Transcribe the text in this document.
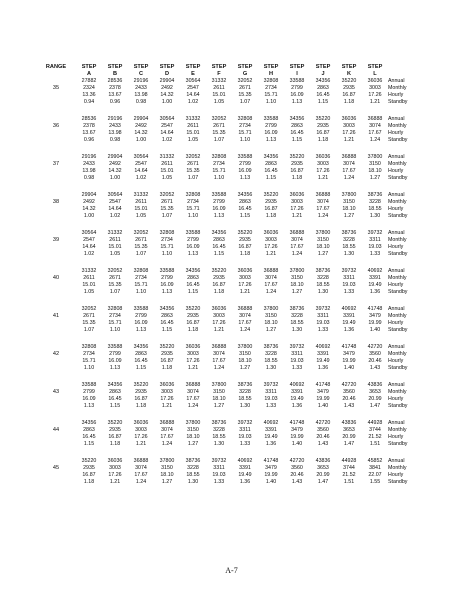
RANGE	STEP	STEP	STEP	STEP	STEP	STEP	STEP	STEP	STEP	STEP	STEP	STEP	
	A	B	C	D	E	F	G	H	I	J	K	L	
	27882	28536	29196	29904	30564	31332	32052	32808	33588	34356	35220	36036	Annual
35	2324	2378	2433	2492	2547	2611	2671	2734	2799	2863	2935	3003	Monthly
	13.36	13.67	13.98	14.32	14.64	15.01	15.35	15.71	16.09	16.45	16.87	17.26	Hourly
	0.94	0.96	0.98	1.00	1.02	1.05	1.07	1.10	1.13	1.15	1.18	1.21	Standby

	28536	29196	29904	30564	31332	32052	32808	33588	34356	35220	36036	36888	Annual
36	2378	2433	2492	2547	2611	2671	2734	2799	2863	2935	3003	3074	Monthly
	13.67	13.98	14.32	14.64	15.01	15.35	15.71	16.09	16.45	16.87	17.26	17.67	Hourly
	0.96	0.98	1.00	1.02	1.05	1.07	1.10	1.13	1.15	1.18	1.21	1.24	Standby

	29196	29904	30564	31332	32052	32808	33588	34356	35220	36036	36888	37800	Annual
37	2433	2492	2547	2611	2671	2734	2799	2863	2935	3003	3074	3150	Monthly
	13.98	14.32	14.64	15.01	15.35	15.71	16.09	16.45	16.87	17.26	17.67	18.10	Hourly
	0.98	1.00	1.02	1.05	1.07	1.10	1.13	1.15	1.18	1.21	1.24	1.27	Standby

	29904	30564	31332	32052	32808	33588	34356	35220	36036	36888	37800	38736	Annual
38	2492	2547	2611	2671	2734	2799	2863	2935	3003	3074	3150	3228	Monthly
	14.32	14.64	15.01	15.35	15.71	16.09	16.45	16.87	17.26	17.67	18.10	18.55	Hourly
	1.00	1.02	1.05	1.07	1.10	1.13	1.15	1.18	1.21	1.24	1.27	1.30	Standby

	30564	31332	32052	32808	33588	34356	35220	36036	36888	37800	38736	39732	Annual
39	2547	2611	2671	2734	2799	2863	2935	3003	3074	3150	3228	3311	Monthly
	14.64	15.01	15.35	15.71	16.09	16.45	16.87	17.26	17.67	18.10	18.55	19.03	Hourly
	1.02	1.05	1.07	1.10	1.13	1.15	1.18	1.21	1.24	1.27	1.30	1.33	Standby

	31332	32052	32808	33588	34356	35220	36036	36888	37800	38736	39732	40692	Annual
40	2611	2671	2734	2799	2863	2935	3003	3074	3150	3228	3311	3391	Monthly
	15.01	15.35	15.71	16.09	16.45	16.87	17.26	17.67	18.10	18.55	19.03	19.49	Hourly
	1.05	1.07	1.10	1.13	1.15	1.18	1.21	1.24	1.27	1.30	1.33	1.36	Standby

	32052	32808	33588	34356	35220	36036	36888	37800	38736	39732	40692	41748	Annual
41	2671	2734	2799	2863	2935	3003	3074	3150	3228	3311	3391	3479	Monthly
	15.35	15.71	16.09	16.45	16.87	17.26	17.67	18.10	18.55	19.03	19.49	19.99	Hourly
	1.07	1.10	1.13	1.15	1.18	1.21	1.24	1.27	1.30	1.33	1.36	1.40	Standby

	32808	33588	34356	35220	36036	36888	37800	38736	39732	40692	41748	42720	Annual
42	2734	2799	2863	2935	3003	3074	3150	3228	3311	3391	3479	3560	Monthly
	15.71	16.09	16.45	16.87	17.26	17.67	18.10	18.55	19.03	19.49	19.99	20.46	Hourly
	1.10	1.13	1.15	1.18	1.21	1.24	1.27	1.30	1.33	1.36	1.40	1.43	Standby

	33588	34356	35220	36036	36888	37800	38736	39732	40692	41748	42720	43836	Annual
43	2799	2863	2935	3003	3074	3150	3228	3311	3391	3479	3560	3653	Monthly
	16.09	16.45	16.87	17.26	17.67	18.10	18.55	19.03	19.49	19.99	20.46	20.99	Hourly
	1.13	1.15	1.18	1.21	1.24	1.27	1.30	1.33	1.36	1.40	1.43	1.47	Standby

	34356	35220	36036	36888	37800	38736	39732	40692	41748	42720	43836	44928	Annual
44	2863	2935	3003	3074	3150	3228	3311	3391	3479	3560	3653	3744	Monthly
	16.45	16.87	17.26	17.67	18.10	18.55	19.03	19.49	19.99	20.46	20.99	21.52	Hourly
	1.15	1.18	1.21	1.24	1.27	1.30	1.33	1.36	1.40	1.43	1.47	1.51	Standby

	35220	36036	36888	37800	38736	39732	40692	41748	42720	43836	44928	45852	Annual
45	2935	3003	3074	3150	3228	3311	3391	3479	3560	3653	3744	3841	Monthly
	16.87	17.26	17.67	18.10	18.55	19.03	19.49	19.99	20.46	20.99	21.52	22.07	Hourly
	1.18	1.21	1.24	1.27	1.30	1.33	1.36	1.40	1.43	1.47	1.51	1.55	Standby
A-7
